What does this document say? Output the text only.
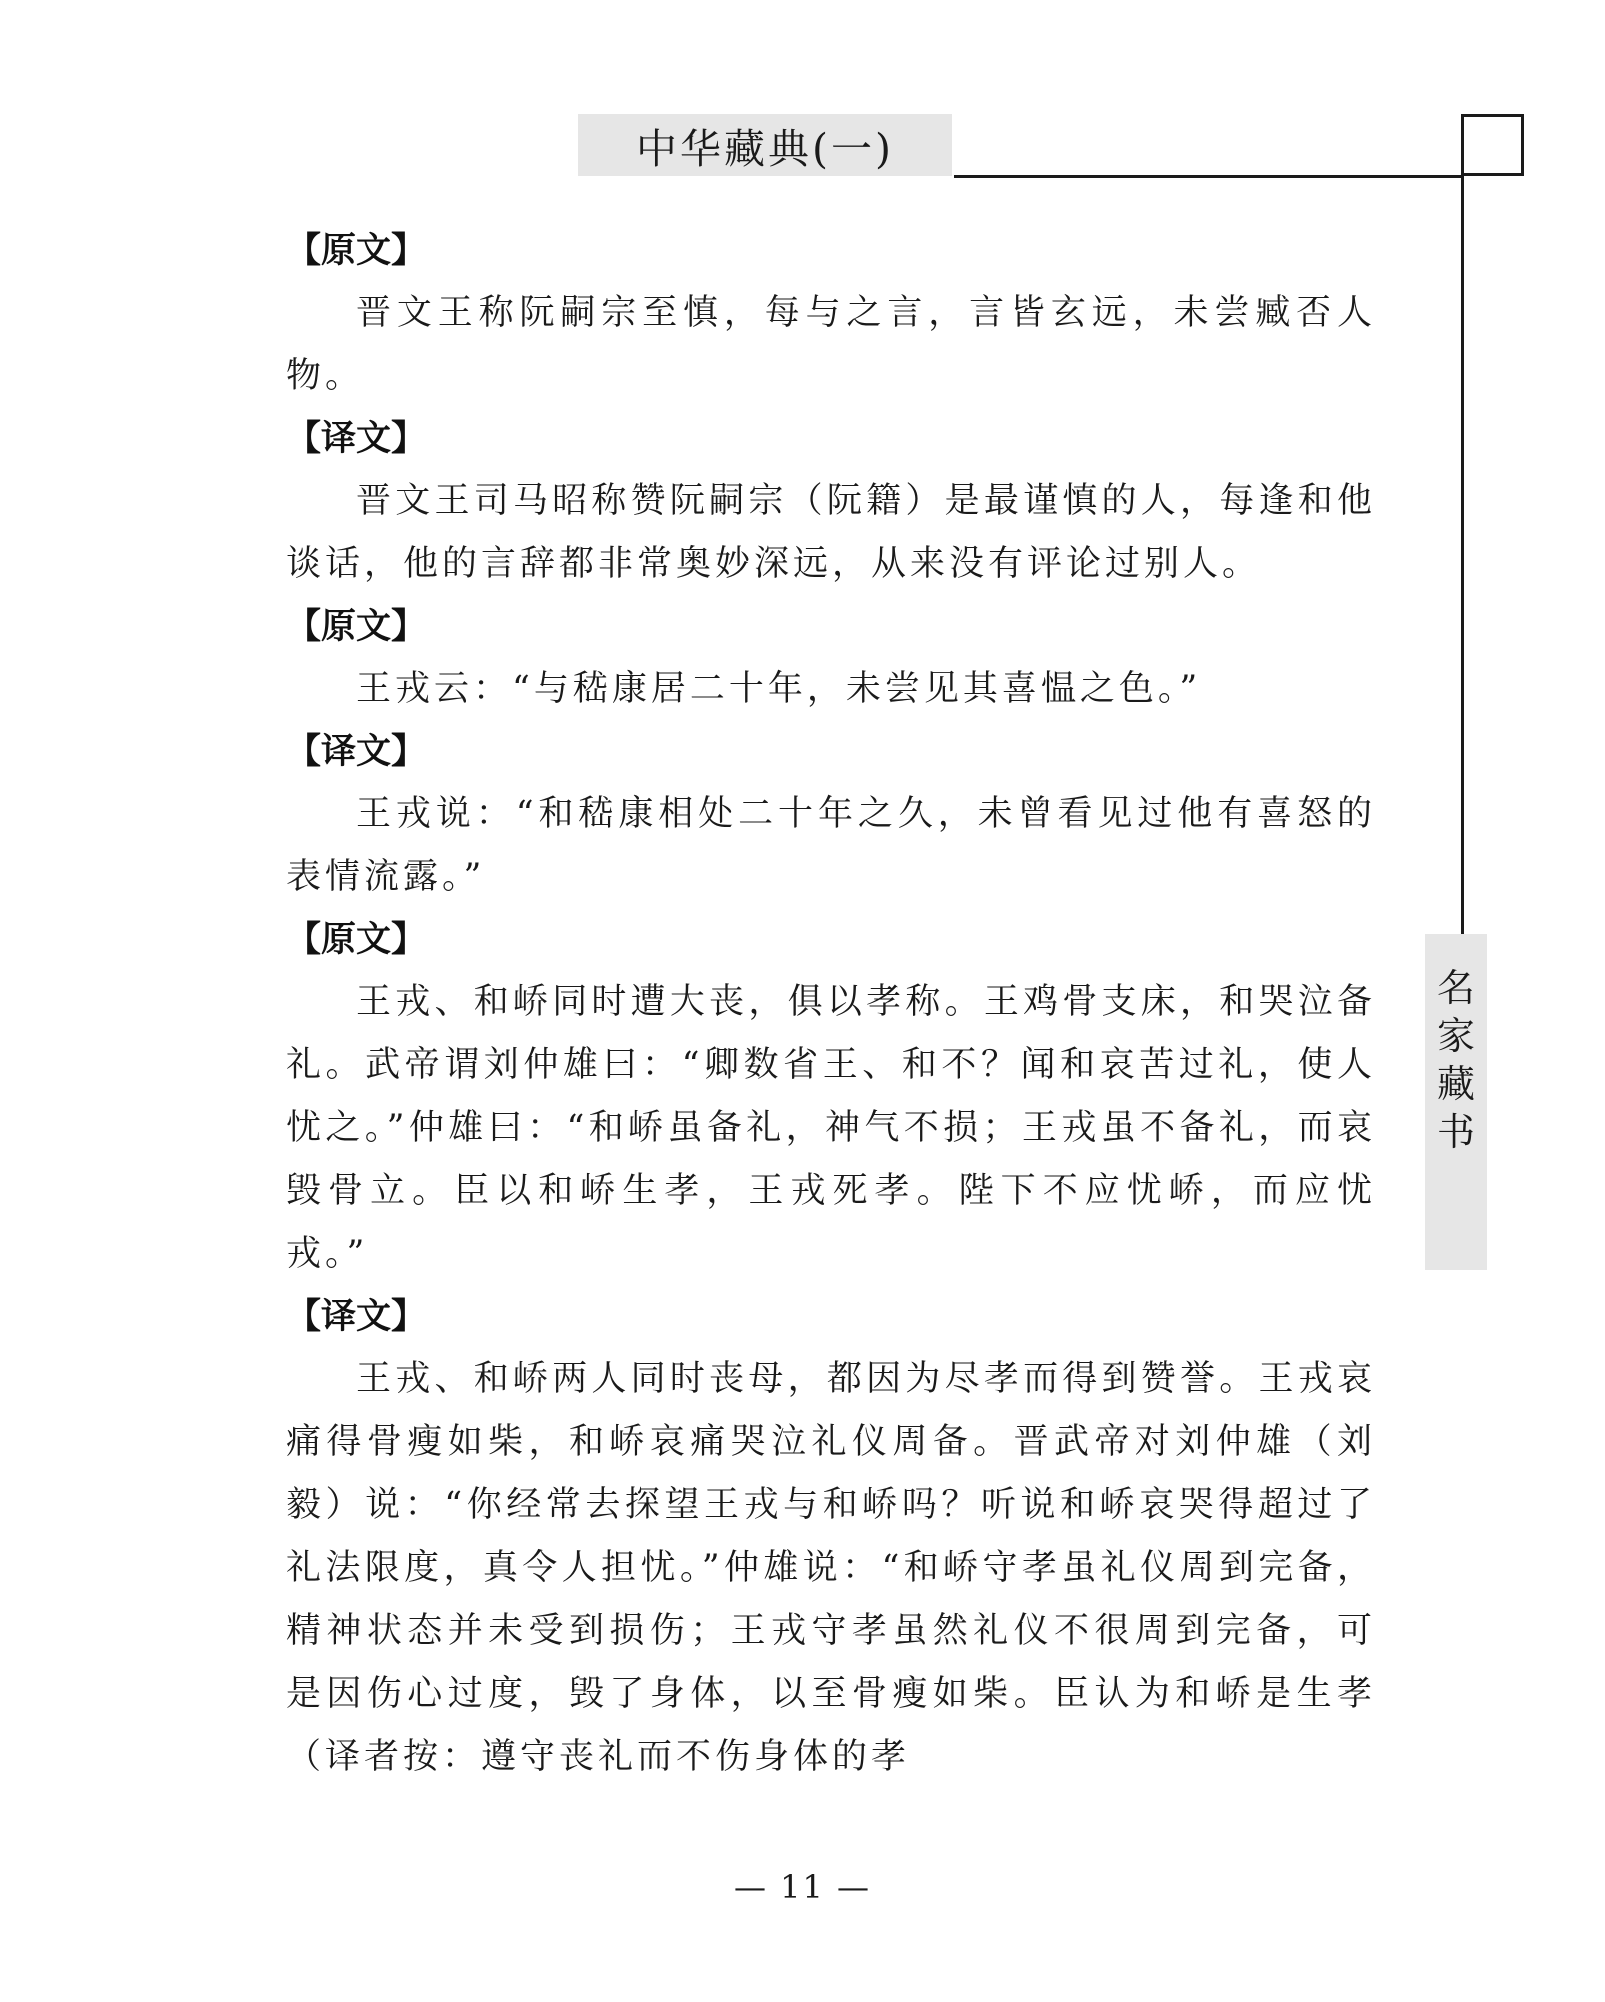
中华藏典(一)
名
家
藏
书

【原文】

晋文王称阮嗣宗至慎，每与之言，言皆玄远，未尝臧否人物。

【译文】

晋文王司马昭称赞阮嗣宗（阮籍）是最谨慎的人，每逢和他谈话，他的言辞都非常奥妙深远，从来没有评论过别人。

【原文】

王戎云：“与嵇康居二十年，未尝见其喜愠之色。”

【译文】

王戎说：“和嵇康相处二十年之久，未曾看见过他有喜怒的表情流露。”

【原文】

王戎、和峤同时遭大丧，俱以孝称。王鸡骨支床，和哭泣备礼。武帝谓刘仲雄曰：“卿数省王、和不？闻和哀苦过礼，使人忧之。”仲雄曰：“和峤虽备礼，神气不损；王戎虽不备礼，而哀毁骨立。臣以和峤生孝，王戎死孝。陛下不应忧峤，而应忧戎。”

【译文】

王戎、和峤两人同时丧母，都因为尽孝而得到赞誉。王戎哀痛得骨瘦如柴，和峤哀痛哭泣礼仪周备。晋武帝对刘仲雄（刘毅）说：“你经常去探望王戎与和峤吗？听说和峤哀哭得超过了礼法限度，真令人担忧。”仲雄说：“和峤守孝虽礼仪周到完备，精神状态并未受到损伤；王戎守孝虽然礼仪不很周到完备，可是因伤心过度，毁了身体，以至骨瘦如柴。臣认为和峤是生孝（译者按：遵守丧礼而不伤身体的孝

— 11 —
